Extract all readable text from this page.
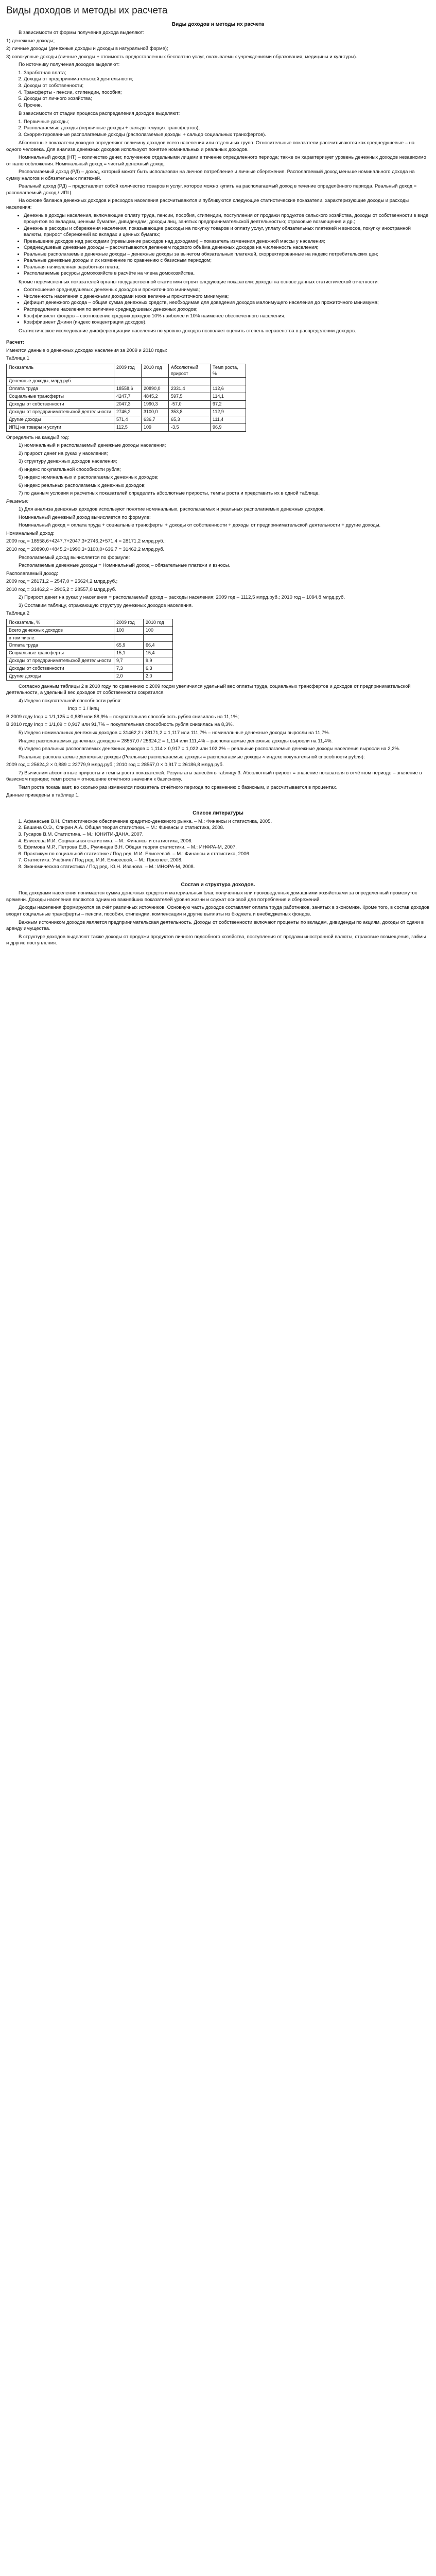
Виды доходов и методы их расчета
Виды доходов и методы их расчета

В зависимости от формы получения дохода выделяют:

1) денежные доходы;

2) личные доходы (денежные доходы и доходы в натуральной форме);

3) совокупные доходы (личные доходы + стоимость предоставленных бесплатно услуг, оказываемых учреждениями образования, медицины и культуры).

По источнику получения доходов выделяют:

1. Заработная плата;
2. Доходы от предпринимательской деятельности;
3. Доходы от собственности;
4. Трансферты - пенсии, стипендии, пособия;
5. Доходы от личного хозяйства;
6. Прочие.

В зависимости от стадии процесса распределения доходов выделяют:

1. Первичные доходы;
2. Располагаемые доходы (первичные доходы + сальдо текущих трансфертов);
3. Скорректированные располагаемые доходы (располагаемые доходы + сальдо социальных трансфертов).

Абсолютные показатели доходов определяют величину доходов всего населения или отдельных групп. Относительные показатели рассчитываются как среднедушевые – на одного человека. Для анализа денежных доходов используют понятие номинальных и реальных доходов.

Номинальный доход (НТ) – количество денег, полученное отдельными лицами в течение определенного периода; также он характеризует уровень денежных доходов независимо от налогообложения. Номинальный доход = чистый денежный доход.

Располагаемый доход (РД) – доход, который может быть использован на личное потребление и личные сбережения. Располагаемый доход меньше номинального дохода на сумму налогов и обязательных платежей.

Реальный доход (РД) – представляет собой количество товаров и услуг, которое можно купить на располагаемый доход в течение определённого периода. Реальный доход = располагаемый доход / ИПЦ.

На основе баланса денежных доходов и расходов населения рассчитываются и публикуются следующие статистические показатели, характеризующие доходы и расходы населения:

• Денежные доходы населения, включающие оплату труда, пенсии, пособия, стипендии, поступления от продажи продуктов сельского хозяйства, доходы от собственности в виде процентов по вкладам, ценным бумагам, дивидендам; доходы лиц, занятых предпринимательской деятельностью; страховые возмещения и др.;
• Денежные расходы и сбережения населения, показывающие расходы на покупку товаров и оплату услуг, уплату обязательных платежей и взносов, покупку иностранной валюты, прирост сбережений во вкладах и ценных бумагах;
• Превышение доходов над расходами (превышение расходов над доходами) – показатель изменения денежной массы у населения;
• Среднедушевые денежные доходы – рассчитываются делением годового объёма денежных доходов на численность населения;
• Реальные располагаемые денежные доходы – денежные доходы за вычетом обязательных платежей, скорректированные на индекс потребительских цен;
• Реальные денежные доходы и их изменение по сравнению с базисным периодом;
• Реальная начисленная заработная плата;
• Располагаемые ресурсы домохозяйств в расчёте на члена домохозяйства.

Кроме перечисленных показателей органы государственной статистики строят следующие показатели: доходы на основе данных статистической отчетности:

• Соотношение среднедушевых денежных доходов и прожиточного минимума;
• Численность населения с денежными доходами ниже величины прожиточного минимума;
• Дефицит денежного дохода – общая сумма денежных средств, необходимая для доведения доходов малоимущего населения до прожиточного минимума;
• Распределение населения по величине среднедушевых денежных доходов;
• Коэффициент фондов – соотношение средних доходов 10% наиболее и 10% наименее обеспеченного населения;
• Коэффициент Джини (индекс концентрации доходов).

Статистическое исследование дифференциации населения по уровню доходов позволяет оценить степень неравенства в распределении доходов.

Расчет:

Имеются данные о денежных доходах населения за 2009 и 2010 годы:

Таблица 1

Показатель	2009 год	2010 год	Абсолютный прирост	Темп роста, %
Денежные доходы, млрд.руб.				
Оплата труда	18558,6	20890,0	2331,4	112,6
Социальные трансферты	4247,7	4845,2	597,5	114,1
Доходы от собственности	2047,3	1990,3	-57,0	97,2
Доходы от предпринимательской деятельности	2746,2	3100,0	353,8	112,9
Другие доходы	571,4	636,7	65,3	111,4
ИПЦ на товары и услуги	112,5	109	-3,5	96,9

Определить на каждый год:

1) номинальный и располагаемый денежные доходы населения;

2) прирост денег на руках у населения;

3) структуру денежных доходов населения;

4) индекс покупательной способности рубля;

5) индекс номинальных и располагаемых денежных доходов;

6) индекс реальных располагаемых денежных доходов;

7) по данным условия и расчетных показателей определить абсолютные приросты, темпы роста и представить их в одной таблице.

Решение:

1) Для анализа денежных доходов используют понятие номинальных, располагаемых и реальных располагаемых денежных доходов.

Номинальный денежный доход вычисляется по формуле:

Номинальный доход = оплата труда + социальные трансферты + доходы от собственности + доходы от предпринимательской деятельности + другие доходы.

Номинальный доход:

2009 год = 18558,6+4247,7+2047,3+2746,2+571,4 = 28171,2 млрд.руб.;

2010 год = 20890,0+4845,2+1990,3+3100,0+636,7 = 31462,2 млрд.руб.

Располагаемый доход вычисляется по формуле:

Располагаемые денежные доходы = Номинальный доход – обязательные платежи и взносы.

Располагаемый доход:

2009 год = 28171,2 – 2547,0 = 25624,2 млрд.руб.;

2010 год = 31462,2 – 2905,2 = 28557,0 млрд.руб.

2) Прирост денег на руках у населения = располагаемый доход – расходы населения; 2009 год – 1112,5 млрд.руб.; 2010 год – 1094,8 млрд.руб.

3) Составим таблицу, отражающую структуру денежных доходов населения.

Таблица 2

Показатель, %	2009 год	2010 год
Всего денежных доходов	100	100
в том числе:		
Оплата труда	65,9	66,4
Социальные трансферты	15,1	15,4
Доходы от предпринимательской деятельности	9,7	9,9
Доходы от собственности	7,3	6,3
Другие доходы	2,0	2,0

Согласно данным таблицы 2 в 2010 году по сравнению с 2009 годом увеличился удельный вес оплаты труда, социальных трансфертов и доходов от предпринимательской деятельности, а удельный вес доходов от собственности сократился.

4) Индекс покупательной способности рубля:

Iпср = 1 / Iипц

В 2009 году Iпср = 1/1,125 = 0,889 или 88,9% – покупательная способность рубля снизилась на 11,1%;

В 2010 году Iпср = 1/1,09 = 0,917 или 91,7% – покупательная способность рубля снизилась на 8,3%.

5) Индекс номинальных денежных доходов = 31462,2 / 28171,2 = 1,117 или 111,7% – номинальные денежные доходы выросли на 11,7%.

Индекс располагаемых денежных доходов = 28557,0 / 25624,2 = 1,114 или 111,4% – располагаемые денежные доходы выросли на 11,4%.

6) Индекс реальных располагаемых денежных доходов = 1,114 × 0,917 = 1,022 или 102,2% – реальные располагаемые денежные доходы населения выросли на 2,2%.

Реальные располагаемые денежные доходы (Реальные располагаемые доходы = располагаемые доходы × индекс покупательной способности рубля):

2009 год = 25624,2 × 0,889 = 22779,9 млрд.руб.; 2010 год = 28557,0 × 0,917 = 26186,8 млрд.руб.

7) Вычислим абсолютные приросты и темпы роста показателей. Результаты занесём в таблицу 3. Абсолютный прирост = значение показателя в отчётном периоде – значение в базисном периоде; темп роста = отношение отчётного значения к базисному.

Темп роста показывает, во сколько раз изменился показатель отчётного периода по сравнению с базисным, и рассчитывается в процентах.

Данные приведены в таблице 1.

Список литературы
1. Афанасьев В.Н. Статистическое обеспечение кредитно-денежного рынка. – М.: Финансы и статистика, 2005.
2. Башина О.Э., Спирин А.А. Общая теория статистики. – М.: Финансы и статистика, 2008.
3. Гусаров В.М. Статистика. – М.: ЮНИТИ-ДАНА, 2007.
4. Елисеева И.И. Социальная статистика. – М.: Финансы и статистика, 2006.
5. Ефимова М.Р., Петрова Е.В., Румянцев В.Н. Общая теория статистики. – М.: ИНФРА-М, 2007.
6. Практикум по социальной статистике / Под ред. И.И. Елисеевой. – М.: Финансы и статистика, 2006.
7. Статистика: Учебник / Под ред. И.И. Елисеевой. – М.: Проспект, 2008.
8. Экономическая статистика / Под ред. Ю.Н. Иванова. – М.: ИНФРА-М, 2008.
Состав и структура доходов.

Под доходами населения понимается сумма денежных средств и материальных благ, полученных или произведенных домашними хозяйствами за определенный промежуток времени. Доходы населения являются одним из важнейших показателей уровня жизни и служат основой для потребления и сбережений.

Доходы населения формируются за счёт различных источников. Основную часть доходов составляет оплата труда работников, занятых в экономике. Кроме того, в состав доходов входят социальные трансферты – пенсии, пособия, стипендии, компенсации и другие выплаты из бюджета и внебюджетных фондов.

Важным источником доходов является предпринимательская деятельность. Доходы от собственности включают проценты по вкладам, дивиденды по акциям, доходы от сдачи в аренду имущества.

В структуре доходов выделяют также доходы от продажи продуктов личного подсобного хозяйства, поступления от продажи иностранной валюты, страховые возмещения, займы и другие поступления.
